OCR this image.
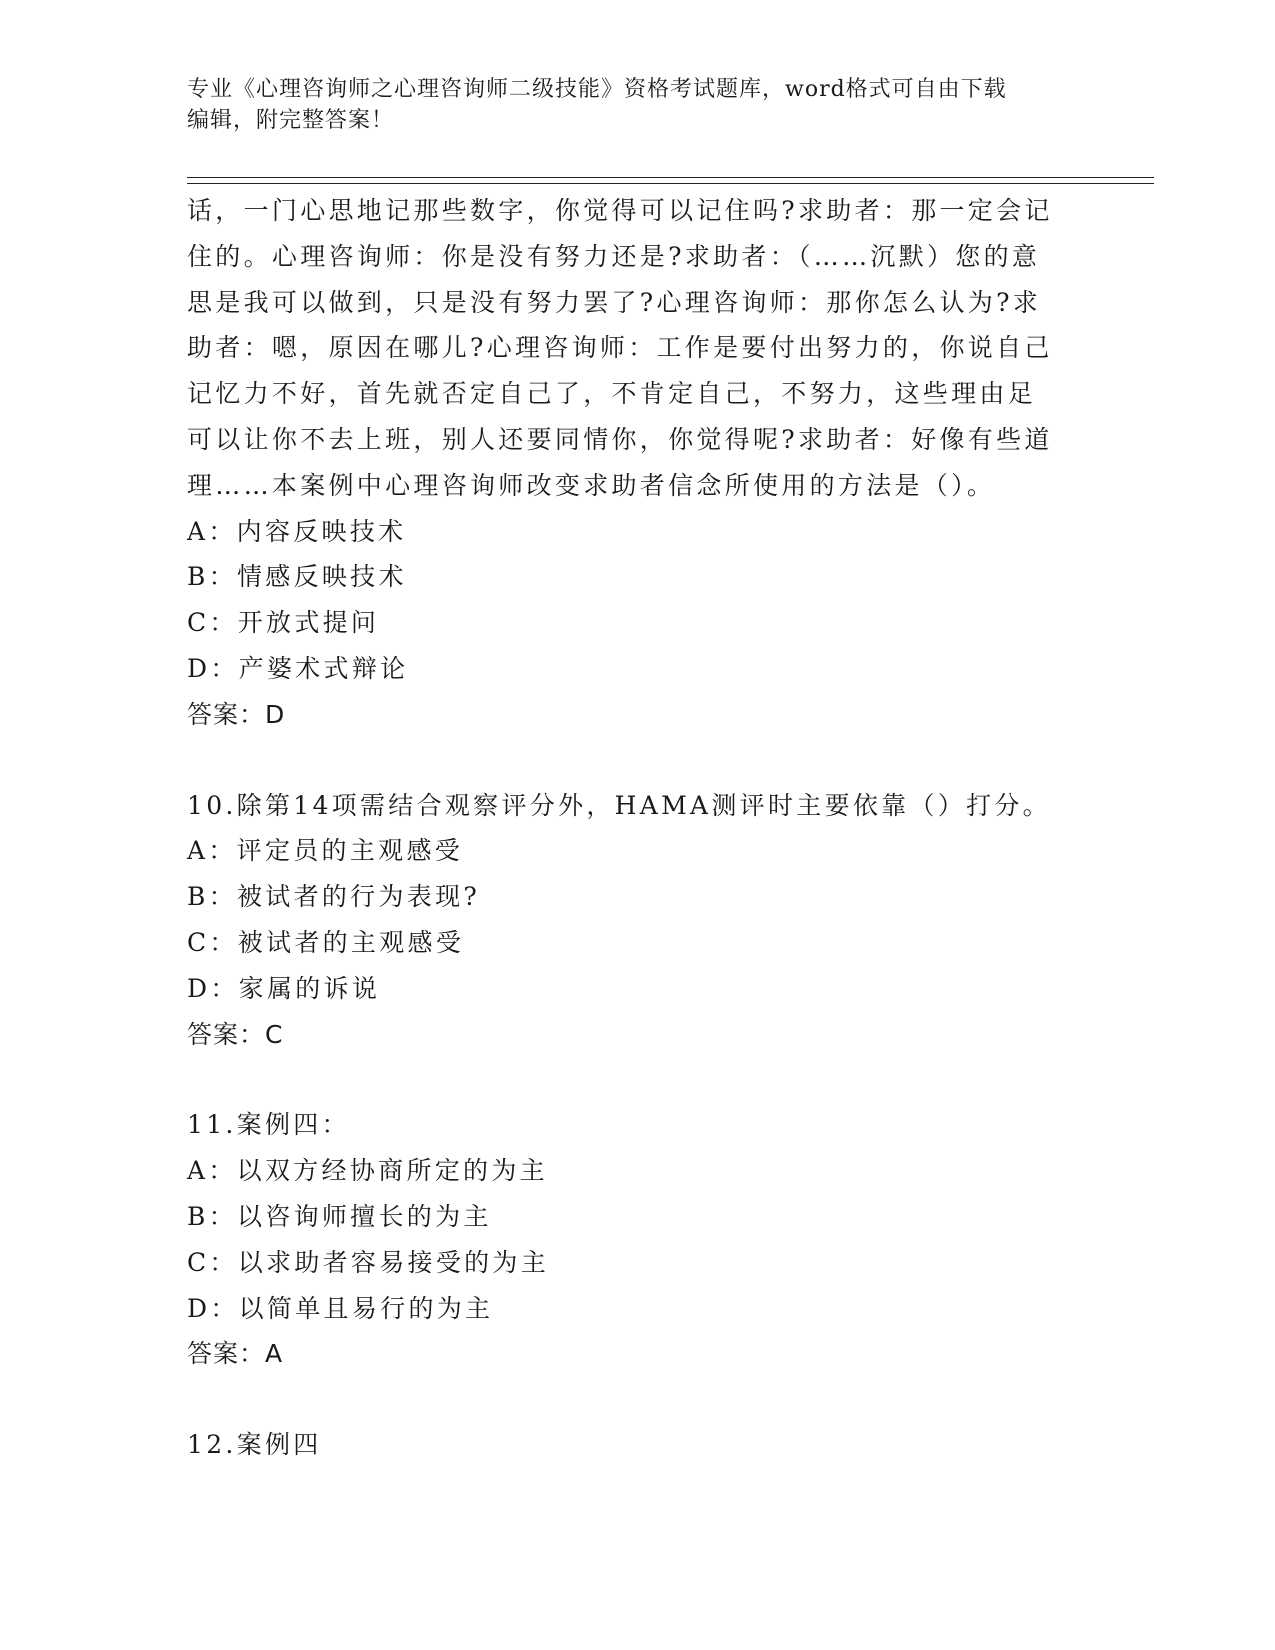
专业《心理咨询师之心理咨询师二级技能》资格考试题库，word格式可自由下载
编辑，附完整答案！
话，一门心思地记那些数字，你觉得可以记住吗?求助者：那一定会记
住的。心理咨询师：你是没有努力还是?求助者：（……沉默）您的意
思是我可以做到，只是没有努力罢了?心理咨询师：那你怎么认为?求
助者：嗯，原因在哪儿?心理咨询师：工作是要付出努力的，你说自己
记忆力不好，首先就否定自己了，不肯定自己，不努力，这些理由足
可以让你不去上班，别人还要同情你，你觉得呢?求助者：好像有些道
理……本案例中心理咨询师改变求助者信念所使用的方法是（）。
A：内容反映技术
B：情感反映技术
C：开放式提问
D：产婆术式辩论
答案：D
10.除第14项需结合观察评分外，HAMA测评时主要依靠（）打分。
A：评定员的主观感受
B：被试者的行为表现?
C：被试者的主观感受
D：家属的诉说
答案：C
11.案例四：
A：以双方经协商所定的为主
B：以咨询师擅长的为主
C：以求助者容易接受的为主
D：以简单且易行的为主
答案：A
12.案例四
